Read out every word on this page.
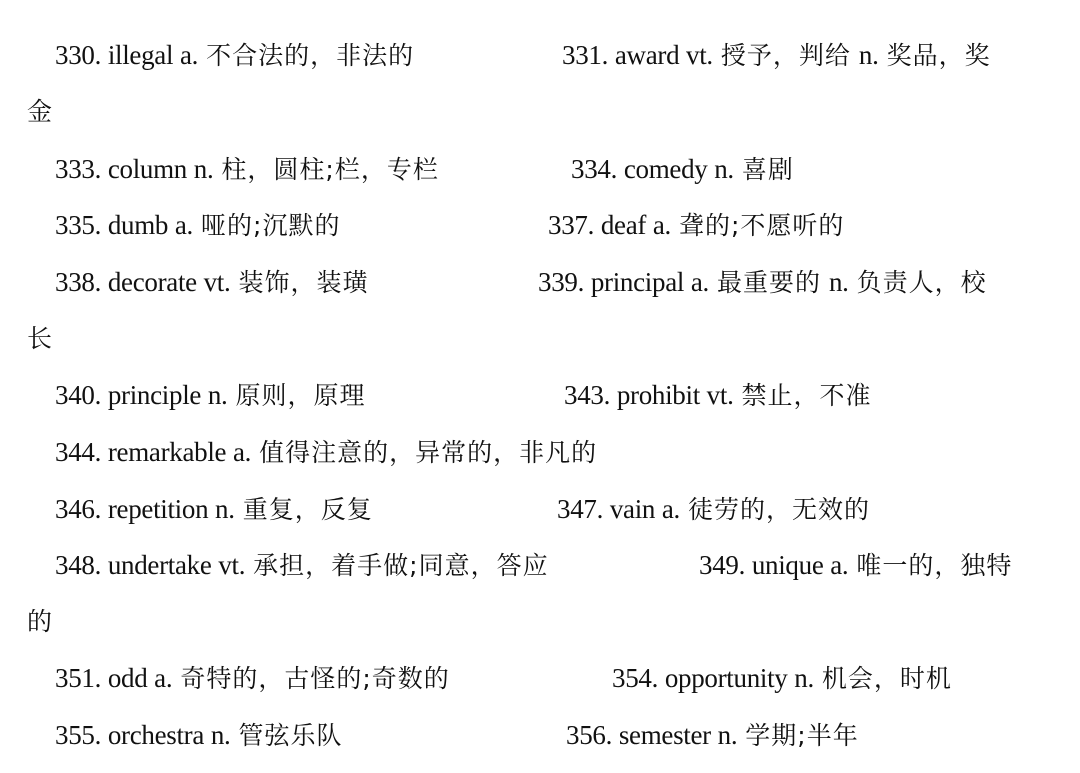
330. illegal a. 不合法的，非法的	331. award vt. 授予，判给 n. 奖品，奖
金
333. column n. 柱，圆柱;栏，专栏	334. comedy n. 喜剧
335. dumb a. 哑的;沉默的	337. deaf a. 聋的;不愿听的
338. decorate vt. 装饰，装璜	339. principal a. 最重要的 n. 负责人，校
长
340. principle n. 原则，原理	343. prohibit vt. 禁止，不准
344. remarkable a. 值得注意的，异常的，非凡的
346. repetition n. 重复，反复	347. vain a. 徒劳的，无效的
348. undertake vt. 承担，着手做;同意，答应	349. unique a. 唯一的，独特
的
351. odd a. 奇特的，古怪的;奇数的	354. opportunity n. 机会，时机
355. orchestra n. 管弦乐队	356. semester n. 学期;半年
